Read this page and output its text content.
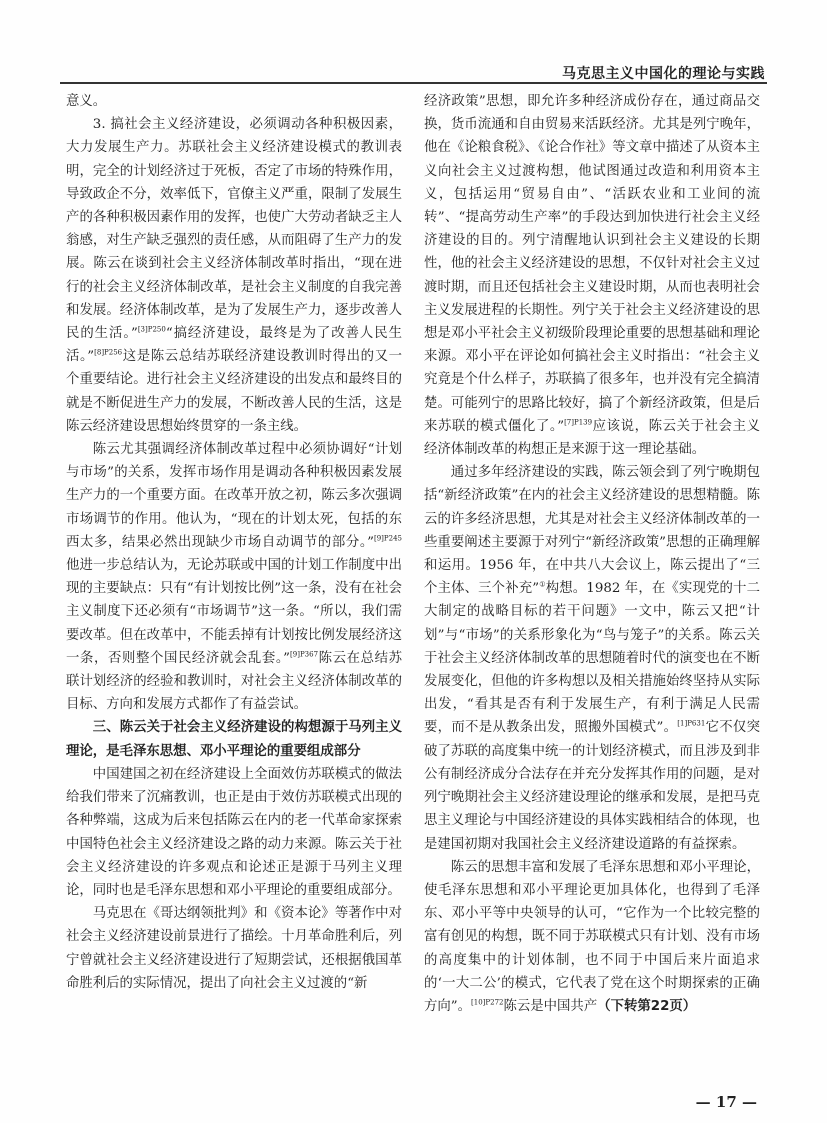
马克思主义中国化的理论与实践

意义。

3. 搞社会主义经济建设，必须调动各种积极因素，大力发展生产力。苏联社会主义经济建设模式的教训表明，完全的计划经济过于死板，否定了市场的特殊作用，导致政企不分，效率低下，官僚主义严重，限制了发展生产的各种积极因素作用的发挥，也使广大劳动者缺乏主人翁感，对生产缺乏强烈的责任感，从而阻碍了生产力的发展。陈云在谈到社会主义经济体制改革时指出，“现在进行的社会主义经济体制改革，是社会主义制度的自我完善和发展。经济体制改革，是为了发展生产力，逐步改善人民的生活。”$^{[3]P250}$“搞经济建设，最终是为了改善人民生活。”$^{[8]P256}$这是陈云总结苏联经济建设教训时得出的又一个重要结论。进行社会主义经济建设的出发点和最终目的就是不断促进生产力的发展，不断改善人民的生活，这是陈云经济建设思想始终贯穿的一条主线。

陈云尤其强调经济体制改革过程中必须协调好“计划与市场”的关系，发挥市场作用是调动各种积极因素发展生产力的一个重要方面。在改革开放之初，陈云多次强调市场调节的作用。他认为，“现在的计划太死，包括的东西太多，结果必然出现缺少市场自动调节的部分。”$^{[9]P245}$他进一步总结认为，无论苏联或中国的计划工作制度中出现的主要缺点：只有“有计划按比例”这一条，没有在社会主义制度下还必须有“市场调节”这一条。“所以，我们需要改革。但在改革中，不能丢掉有计划按比例发展经济这一条，否则整个国民经济就会乱套。”$^{[9]P367}$陈云在总结苏联计划经济的经验和教训时，对社会主义经济体制改革的目标、方向和发展方式都作了有益尝试。

三、陈云关于社会主义经济建设的构想源于马列主义理论，是毛泽东思想、邓小平理论的重要组成部分

中国建国之初在经济建设上全面效仿苏联模式的做法给我们带来了沉痛教训，也正是由于效仿苏联模式出现的各种弊端，这成为后来包括陈云在内的老一代革命家探索中国特色社会主义经济建设之路的动力来源。陈云关于社会主义经济建设的许多观点和论述正是源于马列主义理论，同时也是毛泽东思想和邓小平理论的重要组成部分。

马克思在《哥达纲领批判》和《资本论》等著作中对社会主义经济建设前景进行了描绘。十月革命胜利后，列宁曾就社会主义经济建设进行了短期尝试，还根据俄国革命胜利后的实际情况，提出了向社会主义过渡的“新

经济政策”思想，即允许多种经济成份存在，通过商品交换，货币流通和自由贸易来活跃经济。尤其是列宁晚年，他在《论粮食税》、《论合作社》等文章中描述了从资本主义向社会主义过渡构想，他试图通过改造和利用资本主义，包括运用“贸易自由”、“活跃农业和工业间的流转”、“提高劳动生产率”的手段达到加快进行社会主义经济建设的目的。列宁清醒地认识到社会主义建设的长期性，他的社会主义经济建设的思想，不仅针对社会主义过渡时期，而且还包括社会主义建设时期，从而也表明社会主义发展进程的长期性。列宁关于社会主义经济建设的思想是邓小平社会主义初级阶段理论重要的思想基础和理论来源。邓小平在评论如何搞社会主义时指出：“社会主义究竟是个什么样子，苏联搞了很多年，也并没有完全搞清楚。可能列宁的思路比较好，搞了个新经济政策，但是后来苏联的模式僵化了。”$^{[7]P139}$应该说，陈云关于社会主义经济体制改革的构想正是来源于这一理论基础。

通过多年经济建设的实践，陈云领会到了列宁晚期包括“新经济政策”在内的社会主义经济建设的思想精髓。陈云的许多经济思想，尤其是对社会主义经济体制改革的一些重要阐述主要源于对列宁“新经济政策”思想的正确理解和运用。1956 年，在中共八大会议上，陈云提出了“三个主体、三个补充”①构想。1982 年，在《实现党的十二大制定的战略目标的若干问题》一文中，陈云又把“计划”与“市场”的关系形象化为“鸟与笼子”的关系。陈云关于社会主义经济体制改革的思想随着时代的演变也在不断发展变化，但他的许多构想以及相关措施始终坚持从实际出发，“看其是否有利于发展生产，有利于满足人民需要，而不是从教条出发，照搬外国模式”。$^{[1]P631}$它不仅突破了苏联的高度集中统一的计划经济模式，而且涉及到非公有制经济成分合法存在并充分发挥其作用的问题，是对列宁晚期社会主义经济建设理论的继承和发展，是把马克思主义理论与中国经济建设的具体实践相结合的体现，也是建国初期对我国社会主义经济建设道路的有益探索。

陈云的思想丰富和发展了毛泽东思想和邓小平理论，使毛泽东思想和邓小平理论更加具体化，也得到了毛泽东、邓小平等中央领导的认可，“它作为一个比较完整的富有创见的构想，既不同于苏联模式只有计划、没有市场的高度集中的计划体制，也不同于中国后来片面追求的‘一大二公’的模式，它代表了党在这个时期探索的正确方向”。$^{[10]P272}$陈云是中国共产（下转第22页）

— 17 —
